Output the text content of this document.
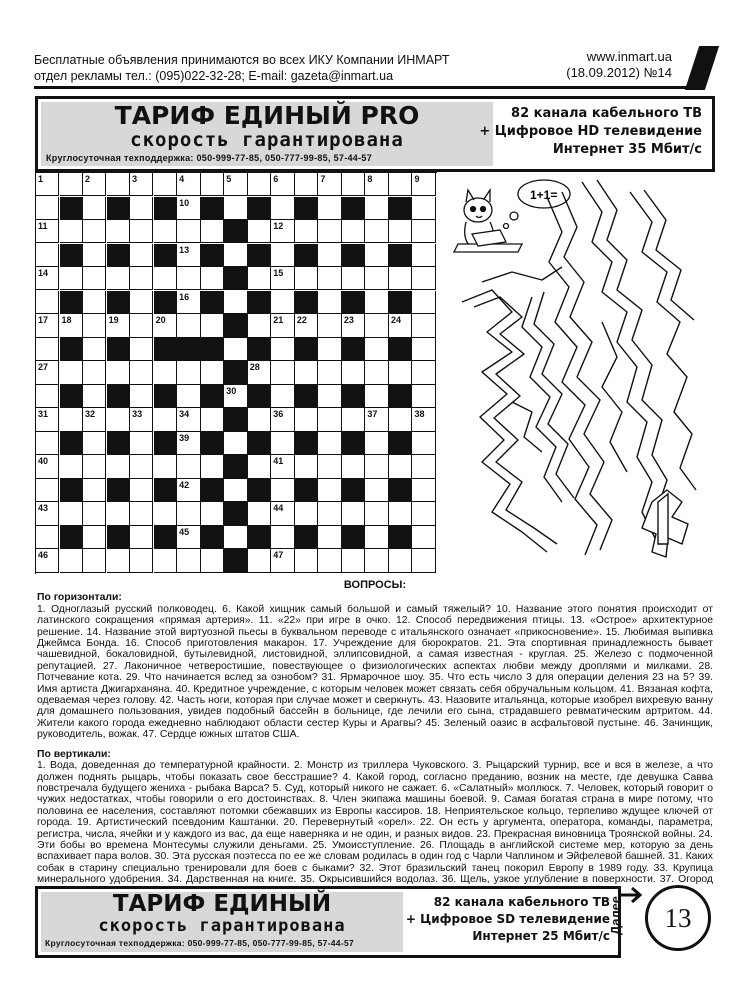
Бесплатные объявления принимаются во всех ИКУ Компании ИНМАРТ
отдел рекламы тел.: (095)022-32-28; E-mail: gazeta@inmart.ua
www.inmart.ua
(18.09.2012) №14
ТАРИФ ЕДИНЫЙ PRO
скорость гарантирована
Круглосуточная техподдержка: 050-999-77-85, 050-777-99-85, 57-44-57
82 канала кабельного ТВ
+ Цифровое HD телевидение
Интернет 35 Мбит/с
1	2	3	4	5	6	7	8	9
10
11	12
13
14	15
16
17 18	19	20	21 22	23	24
25	26
27	28
29 30
31	32	33	34	35	36	37	38
39
40	41
42
43	44
45
46	47
1+1=
ВОПРОСЫ:
По горизонтали:
1. Одноглазый русский полководец. 6. Какой хищник самый большой и самый тяжелый? 10. Название этого понятия происходит от латинского сокращения «прямая артерия». 11. «22» при игре в очко. 12. Способ передвижения птицы. 13. «Острое» архитектурное решение. 14. Название этой виртуозной пьесы в буквальном переводе с итальянского означает «прикосновение». 15. Любимая выпивка Джеймса Бонда. 16. Способ приготовления макарон. 17. Учреждение для бюрократов. 21. Эта спортивная принадлежность бывает чашевидной, бокаловидной, бутылевидной, листовидной, эллипсовидной, а самая известная - круглая. 25. Железо с подмоченной репутацией. 27. Лаконичное четверостишие, повествующее о физиологических аспектах любви между дроплями и милками. 28. Потчевание кота. 29. Что начинается вслед за ознобом? 31. Ярмарочное шоу. 35. Что есть число 3 для операции деления 23 на 5? 39. Имя артиста Джигарханяна. 40. Кредитное учреждение, с которым человек может связать себя обручальным кольцом. 41. Вязаная кофта, одеваемая через голову. 42. Часть ноги, которая при случае может и сверкнуть. 43. Назовите итальянца, которые изобрел вихревую ванну для домашнего пользования, увидев подобный бассейн в больнице, где лечили его сына, страдавшего ревматическим артритом. 44. Жители какого города ежедневно наблюдают области сестер Куры и Арагвы? 45. Зеленый оазис в асфальтовой пустыне. 46. Зачинщик, руководитель, вожак. 47. Сердце южных штатов США.
По вертикали:
1. Вода, доведенная до температурной крайности. 2. Монстр из триллера Чуковского. 3. Рыцарский турнир, все и вся в железе, а что должен поднять рыцарь, чтобы показать свое бесстрашие? 4. Какой город, согласно преданию, возник на месте, где девушка Савва повстречала будущего жениха - рыбака Варса? 5. Суд, который никого не сажает. 6. «Салатный» моллюск. 7. Человек, который говорит о чужих недостатках, чтобы говорили о его достоинствах. 8. Член экипажа машины боевой. 9. Самая богатая страна в мире потому, что половина ее населения, составляют потомки сбежавших из Европы кассиров. 18. Неприятельское кольцо, терпеливо ждущее ключей от города. 19. Артистический псевдоним Каштанки. 20. Перевернутый «орел». 22. Он есть у аргумента, оператора, команды, параметра, регистра, числа, ячейки и у каждого из вас, да еще наверняка и не один, и разных видов. 23. Прекрасная виновница Троянской войны. 24. Эти бобы во времена Монтесумы служили деньгами. 25. Умоисступление. 26. Площадь в английской системе мер, которую за день вспахивает пара волов. 30. Эта русская поэтесса по ее же словам родилась в один год с Чарли Чаплином и Эйфелевой башней. 31. Каких собак в старину специально тренировали для боев с быками? 32. Этот бразильский танец покорил Европу в 1989 году. 33. Крупица минерального удобрения. 34. Дарственная на книге. 35. Окрысившийся водолаз. 36. Щель, узкое углубление в поверхности. 37. Огород
ТАРИФ ЕДИНЫЙ
скорость гарантирована
Круглосуточная техподдержка: 050-999-77-85, 050-777-99-85, 57-44-57
82 канала кабельного ТВ
+ Цифровое SD телевидение
Интернет 25 Мбит/с
Далее	13
